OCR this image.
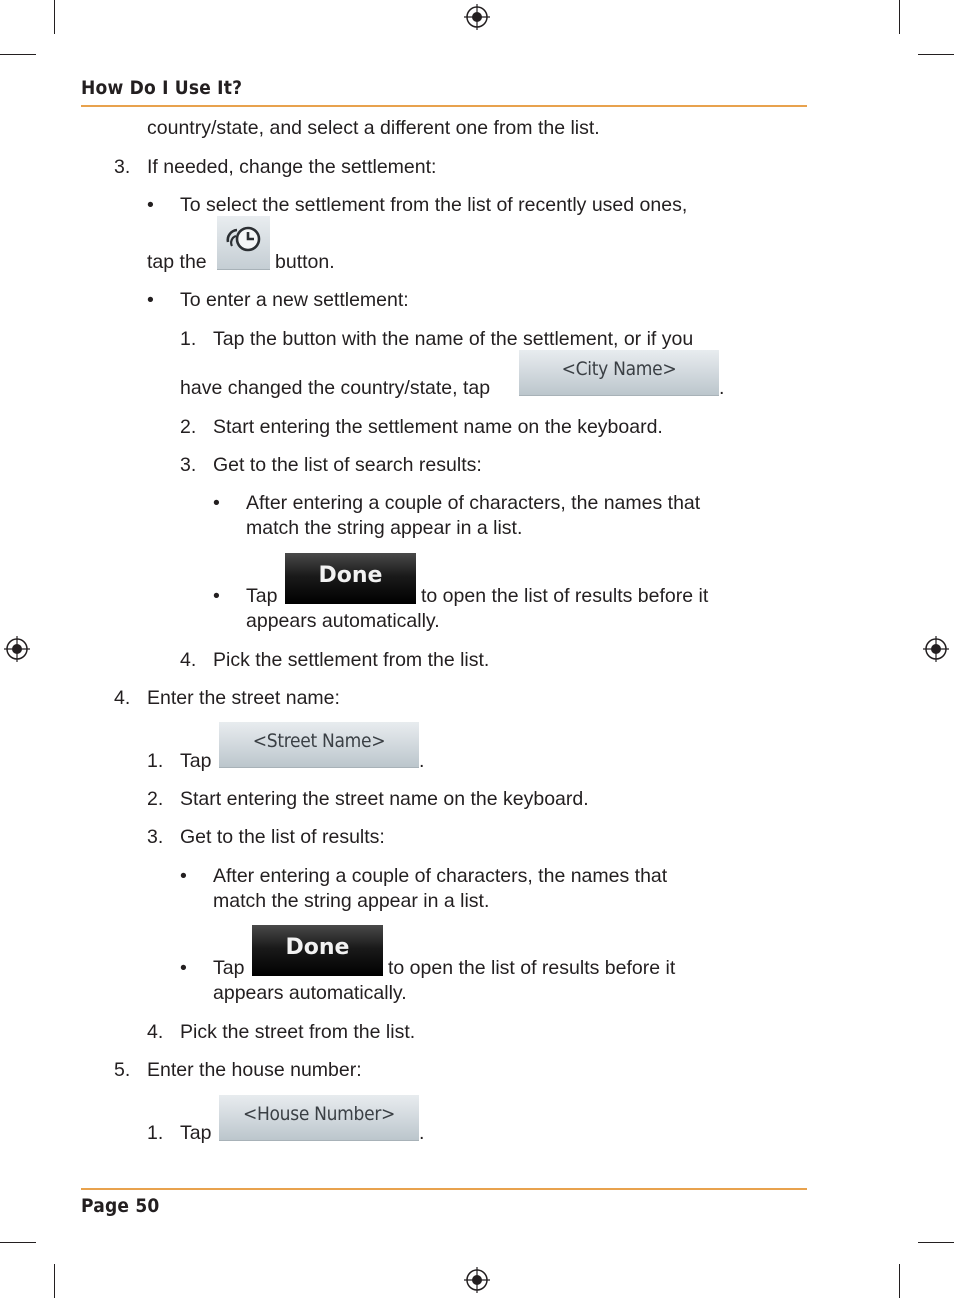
How Do I Use It?
country/state, and select a different one from the list.
3. If needed, change the settlement:
• To select the settlement from the list of recently used ones,
tap the	button.
• To enter a new settlement:
1. Tap the button with the name of the settlement, or if you
have changed the country/state, tap
<City Name>
.
2. Start entering the settlement name on the keyboard.
3. Get to the list of search results:
• After entering a couple of characters, the names that
match the string appear in a list.
• Tap
Done
to open the list of results before it
appears automatically.
4. Pick the settlement from the list.
4. Enter the street name:
1. Tap
<Street Name>
.
2. Start entering the street name on the keyboard.
3. Get to the list of results:
• After entering a couple of characters, the names that
match the string appear in a list.
• Tap
Done
to open the list of results before it
appears automatically.
4. Pick the street from the list.
5. Enter the house number:
1. Tap
<House Number>
.
Page 50
